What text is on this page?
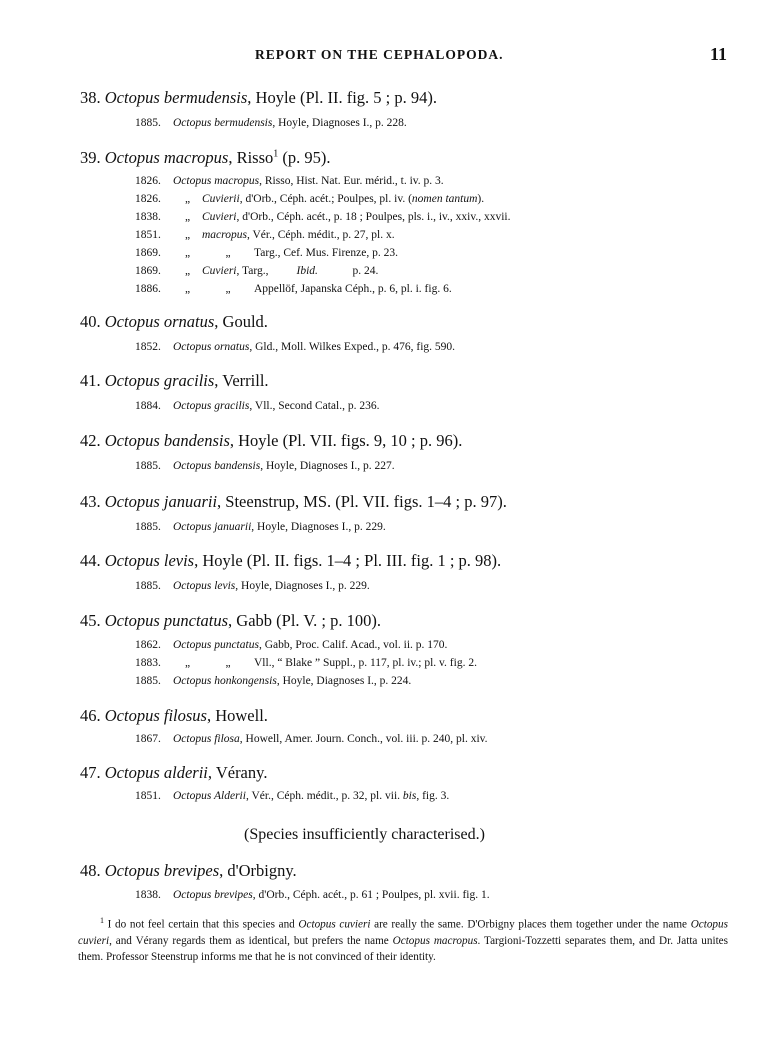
REPORT ON THE CEPHALOPODA.	11
38. Octopus bermudensis, Hoyle (Pl. II. fig. 5 ; p. 94).
1885. Octopus bermudensis, Hoyle, Diagnoses I., p. 228.
39. Octopus macropus, Risso$^1$ (p. 95).
1826. Octopus macropus, Risso, Hist. Nat. Eur. mérid., t. iv. p. 3.
1826. „ Cuvierii, d'Orb., Céph. acét.; Poulpes, pl. iv. (nomen tantum).
1838. „ Cuvieri, d'Orb., Céph. acét., p. 18 ; Poulpes, pls. i., iv., xxiv., xxvii.
1851. „ macropus, Vér., Céph. médit., p. 27, pl. x.
1869. „	„ Targ., Cef. Mus. Firenze, p. 23.
1869. „ Cuvieri, Targ., Ibid.	p. 24.
1886. „	„ Appellöf, Japanska Céph., p. 6, pl. i. fig. 6.
40. Octopus ornatus, Gould.
1852. Octopus ornatus, Gld., Moll. Wilkes Exped., p. 476, fig. 590.
41. Octopus gracilis, Verrill.
1884. Octopus gracilis, Vll., Second Catal., p. 236.
42. Octopus bandensis, Hoyle (Pl. VII. figs. 9, 10 ; p. 96).
1885. Octopus bandensis, Hoyle, Diagnoses I., p. 227.
43. Octopus januarii, Steenstrup, MS. (Pl. VII. figs. 1–4 ; p. 97).
1885. Octopus januarii, Hoyle, Diagnoses I., p. 229.
44. Octopus levis, Hoyle (Pl. II. figs. 1–4 ; Pl. III. fig. 1 ; p. 98).
1885. Octopus levis, Hoyle, Diagnoses I., p. 229.
45. Octopus punctatus, Gabb (Pl. V. ; p. 100).
1862. Octopus punctatus, Gabb, Proc. Calif. Acad., vol. ii. p. 170.
1883. „	„ Vll., “ Blake ” Suppl., p. 117, pl. iv.; pl. v. fig. 2.
1885. Octopus honkongensis, Hoyle, Diagnoses I., p. 224.
46. Octopus filosus, Howell.
1867. Octopus filosa, Howell, Amer. Journ. Conch., vol. iii. p. 240, pl. xiv.
47. Octopus alderii, Vérany.
1851. Octopus Alderii, Vér., Céph. médit., p. 32, pl. vii. bis, fig. 3.
(Species insufficiently characterised.)
48. Octopus brevipes, d'Orbigny.
1838. Octopus brevipes, d'Orb., Céph. acét., p. 61 ; Poulpes, pl. xvii. fig. 1.
$^1$ I do not feel certain that this species and Octopus cuvieri are really the same. D'Orbigny places them together under the name Octopus cuvieri, and Vérany regards them as identical, but prefers the name Octopus macropus. Targioni-Tozzetti separates them, and Dr. Jatta unites them. Professor Steenstrup informs me that he is not convinced of their identity.
